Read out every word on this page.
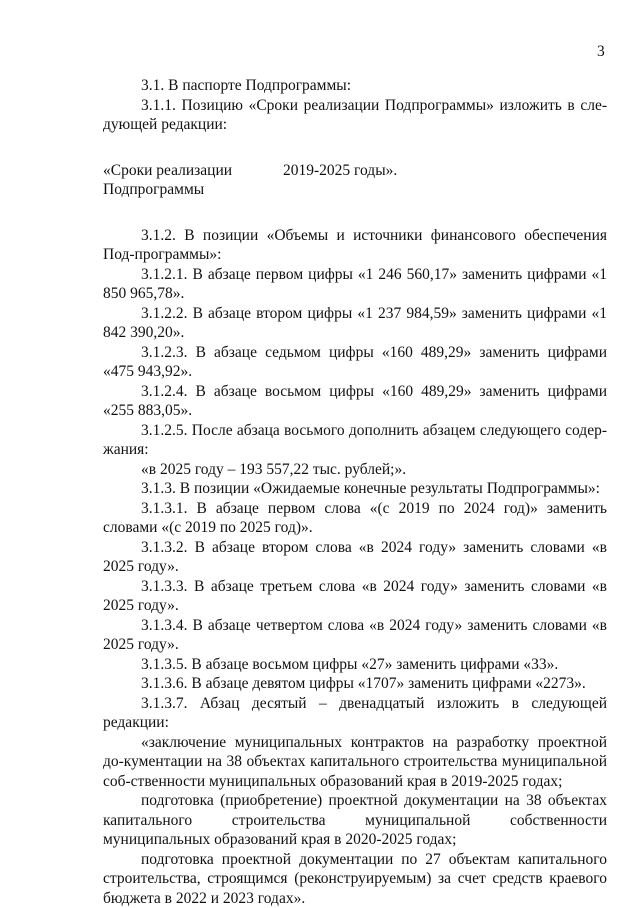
3

3.1. В паспорте Подпрограммы:

3.1.1. Позицию «Сроки реализации Подпрограммы» изложить в сле-дующей редакции:

«Сроки реализации
Подпрограммы
2019-2025 годы».

3.1.2. В позиции «Объемы и источники финансового обеспечения Под-программы»:

3.1.2.1. В абзаце первом цифры «1 246 560,17» заменить цифрами «1 850 965,78».

3.1.2.2. В абзаце втором цифры «1 237 984,59» заменить цифрами «1 842 390,20».

3.1.2.3. В абзаце седьмом цифры «160 489,29» заменить цифрами «475 943,92».

3.1.2.4. В абзаце восьмом цифры «160 489,29» заменить цифрами «255 883,05».

3.1.2.5. После абзаца восьмого дополнить абзацем следующего содер-жания:

«в 2025 году – 193 557,22 тыс. рублей;».

3.1.3. В позиции «Ожидаемые конечные результаты Подпрограммы»:

3.1.3.1. В абзаце первом слова «(с 2019 по 2024 год)» заменить словами «(с 2019 по 2025 год)».

3.1.3.2. В абзаце втором слова «в 2024 году» заменить словами «в 2025 году».

3.1.3.3. В абзаце третьем слова «в 2024 году» заменить словами «в 2025 году».

3.1.3.4. В абзаце четвертом слова «в 2024 году» заменить словами «в 2025 году».

3.1.3.5. В абзаце восьмом цифры «27» заменить цифрами «33».

3.1.3.6. В абзаце девятом цифры «1707» заменить цифрами «2273».

3.1.3.7. Абзац десятый – двенадцатый изложить в следующей редакции:

«заключение муниципальных контрактов на разработку проектной до-кументации на 38 объектах капитального строительства муниципальной соб-ственности муниципальных образований края в 2019-2025 годах;

подготовка (приобретение) проектной документации на 38 объектах капитального строительства муниципальной собственности муниципальных образований края в 2020-2025 годах;

подготовка проектной документации по 27 объектам капитального строительства, строящимся (реконструируемым) за счет средств краевого бюджета в 2022 и 2023 годах».
